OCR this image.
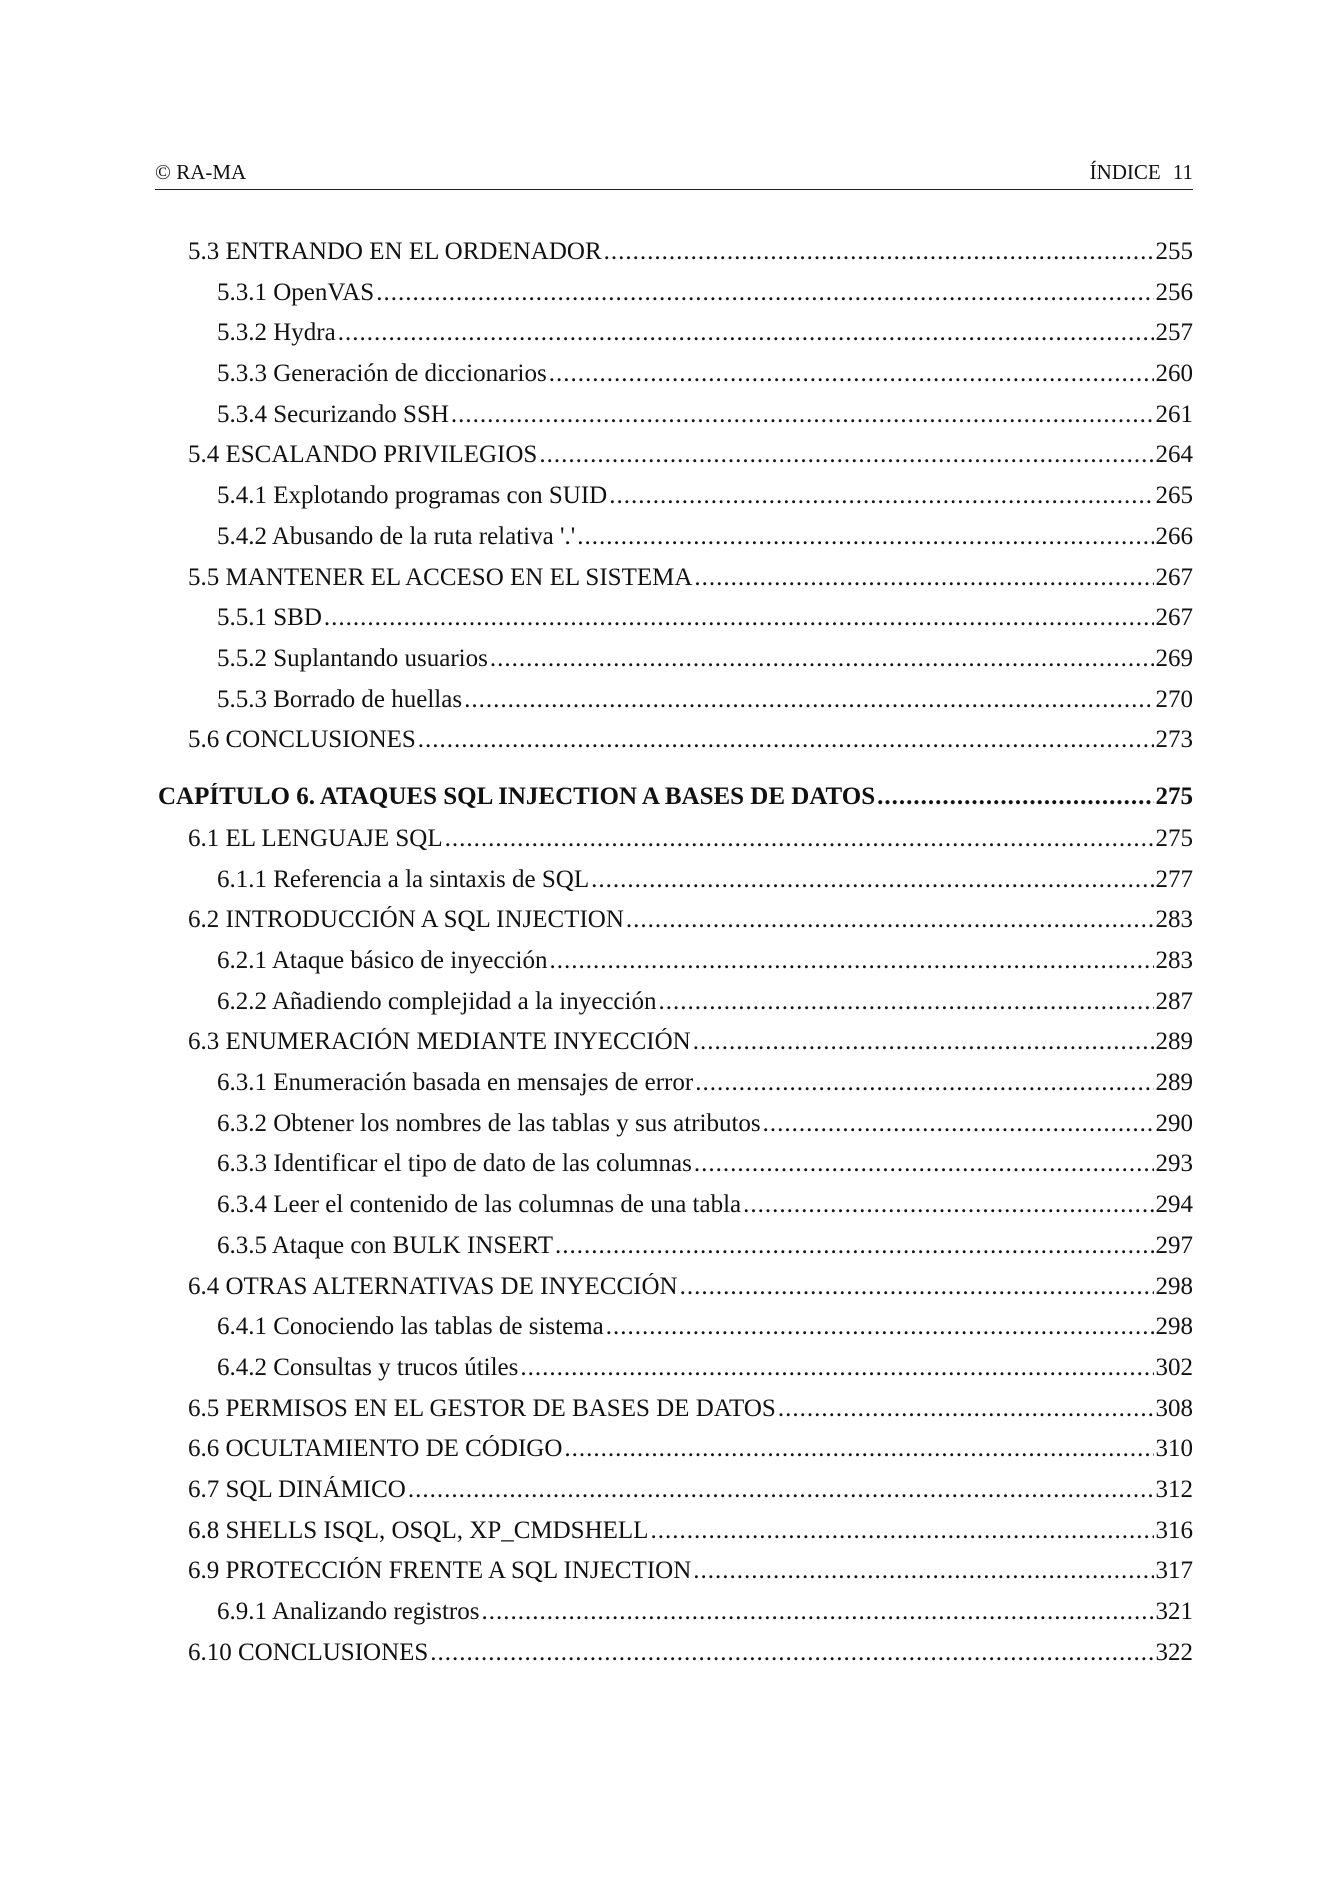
© RA-MA	ÍNDICE 11
5.3 ENTRANDO EN EL ORDENADOR .....	255
5.3.1 OpenVAS .....	256
5.3.2 Hydra .....	257
5.3.3 Generación de diccionarios .....	260
5.3.4 Securizando SSH .....	261
5.4 ESCALANDO PRIVILEGIOS .....	264
5.4.1 Explotando programas con SUID .....	265
5.4.2 Abusando de la ruta relativa '.' .....	266
5.5 MANTENER EL ACCESO EN EL SISTEMA .....	267
5.5.1 SBD .....	267
5.5.2 Suplantando usuarios .....	269
5.5.3 Borrado de huellas .....	270
5.6 CONCLUSIONES .....	273
CAPÍTULO 6. ATAQUES SQL INJECTION A BASES DE DATOS .....	275
6.1 EL LENGUAJE SQL .....	275
6.1.1 Referencia a la sintaxis de SQL .....	277
6.2 INTRODUCCIÓN A SQL INJECTION .....	283
6.2.1 Ataque básico de inyección .....	283
6.2.2 Añadiendo complejidad a la inyección .....	287
6.3 ENUMERACIÓN MEDIANTE INYECCIÓN .....	289
6.3.1 Enumeración basada en mensajes de error .....	289
6.3.2 Obtener los nombres de las tablas y sus atributos .....	290
6.3.3 Identificar el tipo de dato de las columnas .....	293
6.3.4 Leer el contenido de las columnas de una tabla .....	294
6.3.5 Ataque con BULK INSERT .....	297
6.4 OTRAS ALTERNATIVAS DE INYECCIÓN .....	298
6.4.1 Conociendo las tablas de sistema .....	298
6.4.2 Consultas y trucos útiles .....	302
6.5 PERMISOS EN EL GESTOR DE BASES DE DATOS .....	308
6.6 OCULTAMIENTO DE CÓDIGO .....	310
6.7 SQL DINÁMICO .....	312
6.8 SHELLS ISQL, OSQL, XP_CMDSHELL .....	316
6.9 PROTECCIÓN FRENTE A SQL INJECTION .....	317
6.9.1 Analizando registros .....	321
6.10 CONCLUSIONES .....	322
